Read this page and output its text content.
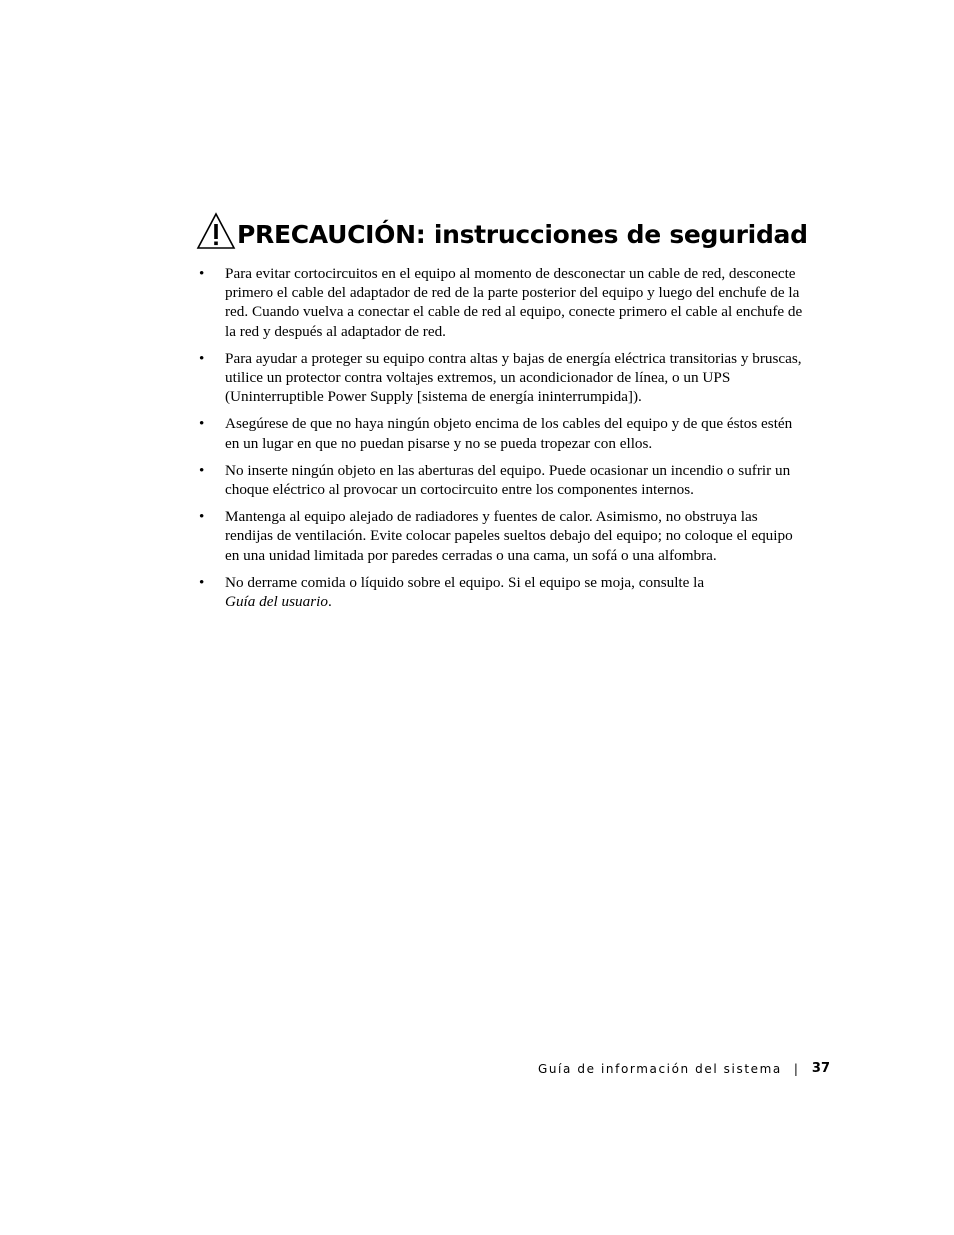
PRECAUCIÓN: instrucciones de seguridad
•	Para evitar cortocircuitos en el equipo al momento de desconectar un cable de red, desconecte primero el cable del adaptador de red de la parte posterior del equipo y luego del enchufe de la red. Cuando vuelva a conectar el cable de red al equipo, conecte primero el cable al enchufe de la red y después al adaptador de red.
•	Para ayudar a proteger su equipo contra altas y bajas de energía eléctrica transitorias y bruscas, utilice un protector contra voltajes extremos, un acondicionador de línea, o un UPS (Uninterruptible Power Supply [sistema de energía ininterrumpida]).
•	Asegúrese de que no haya ningún objeto encima de los cables del equipo y de que éstos estén en un lugar en que no puedan pisarse y no se pueda tropezar con ellos.
•	No inserte ningún objeto en las aberturas del equipo. Puede ocasionar un incendio o sufrir un choque eléctrico al provocar un cortocircuito entre los componentes internos.
•	Mantenga al equipo alejado de radiadores y fuentes de calor. Asimismo, no obstruya las rendijas de ventilación. Evite colocar papeles sueltos debajo del equipo; no coloque el equipo en una unidad limitada por paredes cerradas o una cama, un sofá o una alfombra.
•	No derrame comida o líquido sobre el equipo. Si el equipo se moja, consulte la
Guía del usuario.
Guía de información del sistema | 37
